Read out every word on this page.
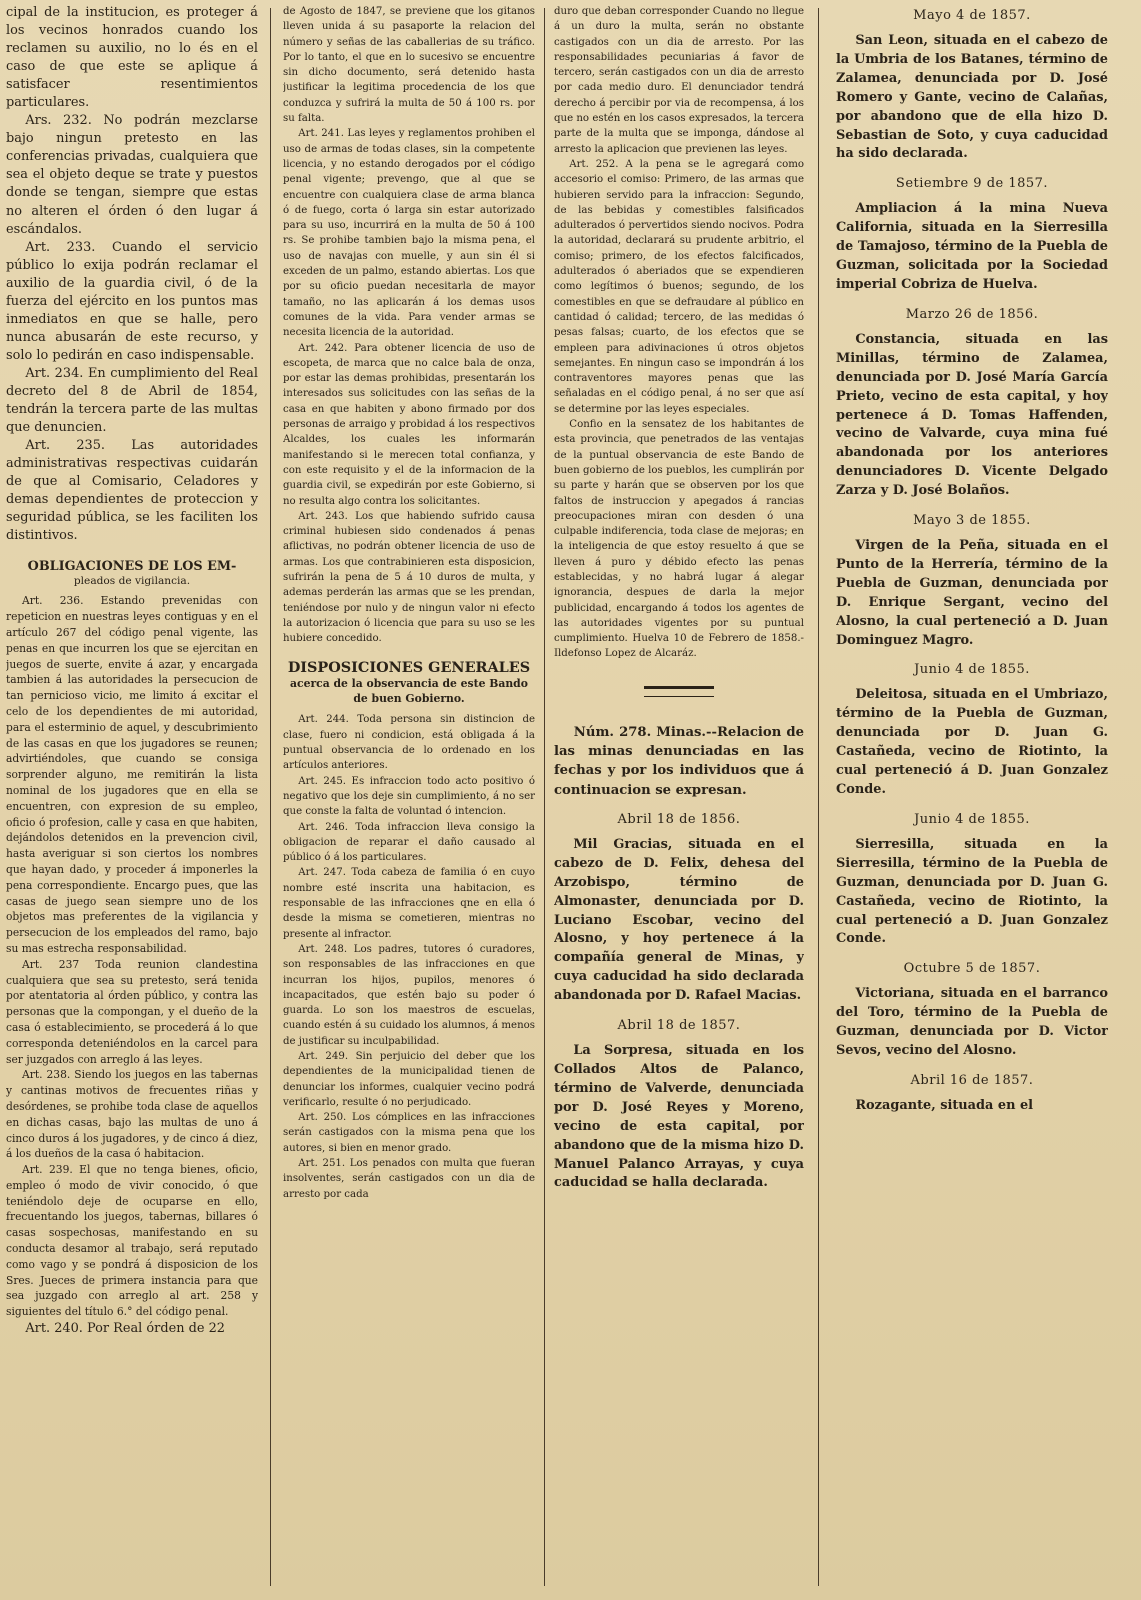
cipal de la institucion, es proteger á los vecinos honrados cuando los reclamen su auxilio, no lo és en el caso de que este se aplique á satisfacer resentimientos particulares.

Ars. 232. No podrán mezclarse bajo ningun pretesto en las conferencias privadas, cualquiera que sea el objeto deque se trate y puestos donde se tengan, siempre que estas no alteren el órden ó den lugar á escándalos.

Art. 233. Cuando el servicio público lo exija podrán reclamar el auxilio de la guardia civil, ó de la fuerza del ejército en los puntos mas inmediatos en que se halle, pero nunca abusarán de este recurso, y solo lo pedirán en caso indispensable.

Art. 234. En cumplimiento del Real decreto del 8 de Abril de 1854, tendrán la tercera parte de las multas que denuncien.

Art. 235. Las autoridades administrativas respectivas cuidarán de que al Comisario, Celadores y demas dependientes de proteccion y seguridad pública, se les faciliten los distintivos.

OBLIGACIONES DE LOS EM-
pleados de vigilancia.

Art. 236. Estando prevenidas con repeticion en nuestras leyes contiguas y en el artículo 267 del código penal vigente, las penas en que incurren los que se ejercitan en juegos de suerte, envite á azar, y encargada tambien á las autoridades la persecucion de tan pernicioso vicio, me limito á excitar el celo de los dependientes de mi autoridad, para el esterminio de aquel, y descubrimiento de las casas en que los jugadores se reunen; advirtiéndoles, que cuando se consiga sorprender alguno, me remitirán la lista nominal de los jugadores que en ella se encuentren, con expresion de su empleo, oficio ó profesion, calle y casa en que habiten, dejándolos detenidos en la prevencion civil, hasta averiguar si son ciertos los nombres que hayan dado, y proceder á imponerles la pena correspondiente. Encargo pues, que las casas de juego sean siempre uno de los objetos mas preferentes de la vigilancia y persecucion de los empleados del ramo, bajo su mas estrecha responsabilidad.

Art. 237 Toda reunion clandestina cualquiera que sea su pretesto, será tenida por atentatoria al órden público, y contra las personas que la compongan, y el dueño de la casa ó establecimiento, se procederá á lo que corresponda deteniéndolos en la carcel para ser juzgados con arreglo á las leyes.

Art. 238. Siendo los juegos en las tabernas y cantinas motivos de frecuentes riñas y desórdenes, se prohibe toda clase de aquellos en dichas casas, bajo las multas de uno á cinco duros á los jugadores, y de cinco á diez, á los dueños de la casa ó habitacion.

Art. 239. El que no tenga bienes, oficio, empleo ó modo de vivir conocido, ó que teniéndolo deje de ocuparse en ello, frecuentando los juegos, tabernas, billares ó casas sospechosas, manifestando en su conducta desamor al trabajo, será reputado como vago y se pondrá á disposicion de los Sres. Jueces de primera instancia para que sea juzgado con arreglo al art. 258 y siguientes del título 6.° del código penal.

Art. 240. Por Real órden de 22

de Agosto de 1847, se previene que los gitanos lleven unida á su pasaporte la relacion del número y señas de las caballerias de su tráfico. Por lo tanto, el que en lo sucesivo se encuentre sin dicho documento, será detenido hasta justificar la legitima procedencia de los que conduzca y sufrirá la multa de 50 á 100 rs. por su falta.

Art. 241. Las leyes y reglamentos prohiben el uso de armas de todas clases, sin la competente licencia, y no estando derogados por el código penal vigente; prevengo, que al que se encuentre con cualquiera clase de arma blanca ó de fuego, corta ó larga sin estar autorizado para su uso, incurrirá en la multa de 50 á 100 rs. Se prohibe tambien bajo la misma pena, el uso de navajas con muelle, y aun sin él si exceden de un palmo, estando abiertas. Los que por su oficio puedan necesitarla de mayor tamaño, no las aplicarán á los demas usos comunes de la vida. Para vender armas se necesita licencia de la autoridad.

Art. 242. Para obtener licencia de uso de escopeta, de marca que no calce bala de onza, por estar las demas prohibidas, presentarán los interesados sus solicitudes con las señas de la casa en que habiten y abono firmado por dos personas de arraigo y probidad á los respectivos Alcaldes, los cuales les informarán manifestando si le merecen total confianza, y con este requisito y el de la informacion de la guardia civil, se expedirán por este Gobierno, si no resulta algo contra los solicitantes.

Art. 243. Los que habiendo sufrido causa criminal hubiesen sido condenados á penas aflictivas, no podrán obtener licencia de uso de armas. Los que contrabinieren esta disposicion, sufrirán la pena de 5 á 10 duros de multa, y ademas perderán las armas que se les prendan, teniéndose por nulo y de ningun valor ni efecto la autorizacion ó licencia que para su uso se les hubiere concedido.

DISPOSICIONES GENERALES
acerca de la observancia de este Bando de buen Gobierno.

Art. 244. Toda persona sin distincion de clase, fuero ni condicion, está obligada á la puntual observancia de lo ordenado en los artículos anteriores.

Art. 245. Es infraccion todo acto positivo ó negativo que los deje sin cumplimiento, á no ser que conste la falta de voluntad ó intencion.

Art. 246. Toda infraccion lleva consigo la obligacion de reparar el daño causado al público ó á los particulares.

Art. 247. Toda cabeza de familia ó en cuyo nombre esté inscrita una habitacion, es responsable de las infracciones qne en ella ó desde la misma se cometieren, mientras no presente al infractor.

Art. 248. Los padres, tutores ó curadores, son responsables de las infracciones en que incurran los hijos, pupilos, menores ó incapacitados, que estén bajo su poder ó guarda. Lo son los maestros de escuelas, cuando estén á su cuidado los alumnos, á menos de justificar su inculpabilidad.

Art. 249. Sin perjuicio del deber que los dependientes de la municipalidad tienen de denunciar los informes, cualquier vecino podrá verificarlo, resulte ó no perjudicado.

Art. 250. Los cómplices en las infracciones serán castigados con la misma pena que los autores, si bien en menor grado.

Art. 251. Los penados con multa que fueran insolventes, serán castigados con un dia de arresto por cada

duro que deban corresponder Cuando no llegue á un duro la multa, serán no obstante castigados con un dia de arresto. Por las responsabilidades pecuniarias á favor de tercero, serán castigados con un dia de arresto por cada medio duro. El denunciador tendrá derecho á percibir por via de recompensa, á los que no estén en los casos expresados, la tercera parte de la multa que se imponga, dándose al arresto la aplicacion que previenen las leyes.

Art. 252. A la pena se le agregará como accesorio el comiso: Primero, de las armas que hubieren servido para la infraccion: Segundo, de las bebidas y comestibles falsificados adulterados ó pervertidos siendo nocivos. Podra la autoridad, declarará su prudente arbitrio, el comiso; primero, de los efectos falcificados, adulterados ó aberiados que se expendieren como legítimos ó buenos; segundo, de los comestibles en que se defraudare al público en cantidad ó calidad; tercero, de las medidas ó pesas falsas; cuarto, de los efectos que se empleen para adivinaciones ú otros objetos semejantes. En ningun caso se impondrán á los contraventores mayores penas que las señaladas en el código penal, á no ser que así se determine por las leyes especiales.

Confio en la sensatez de los habitantes de esta provincia, que penetrados de las ventajas de la puntual observancia de este Bando de buen gobierno de los pueblos, les cumplirán por su parte y harán que se observen por los que faltos de instruccion y apegados á rancias preocupaciones miran con desden ó una culpable indiferencia, toda clase de mejoras; en la inteligencia de que estoy resuelto á que se lleven á puro y débido efecto las penas establecidas, y no habrá lugar á alegar ignorancia, despues de darla la mejor publicidad, encargando á todos los agentes de las autoridades vigentes por su puntual cumplimiento. Huelva 10 de Febrero de 1858.-Ildefonso Lopez de Alcaráz.

Núm. 278. Minas.--Relacion de las minas denunciadas en las fechas y por los individuos que á continuacion se expresan.

Abril 18 de 1856.

Mil Gracias, situada en el cabezo de D. Felix, dehesa del Arzobispo, término de Almonaster, denunciada por D. Luciano Escobar, vecino del Alosno, y hoy pertenece á la compañía general de Minas, y cuya caducidad ha sido declarada abandonada por D. Rafael Macias.

Abril 18 de 1857.

La Sorpresa, situada en los Collados Altos de Palanco, término de Valverde, denunciada por D. José Reyes y Moreno, vecino de esta capital, por abandono que de la misma hizo D. Manuel Palanco Arrayas, y cuya caducidad se halla declarada.

Mayo 4 de 1857.

San Leon, situada en el cabezo de la Umbria de los Batanes, término de Zalamea, denunciada por D. José Romero y Gante, vecino de Calañas, por abandono que de ella hizo D. Sebastian de Soto, y cuya caducidad ha sido declarada.

Setiembre 9 de 1857.

Ampliacion á la mina Nueva California, situada en la Sierresilla de Tamajoso, término de la Puebla de Guzman, solicitada por la Sociedad imperial Cobriza de Huelva.

Marzo 26 de 1856.

Constancia, situada en las Minillas, término de Zalamea, denunciada por D. José María García Prieto, vecino de esta capital, y hoy pertenece á D. Tomas Haffenden, vecino de Valvarde, cuya mina fué abandonada por los anteriores denunciadores D. Vicente Delgado Zarza y D. José Bolaños.

Mayo 3 de 1855.

Virgen de la Peña, situada en el Punto de la Herrería, término de la Puebla de Guzman, denunciada por D. Enrique Sergant, vecino del Alosno, la cual perteneció a D. Juan Dominguez Magro.

Junio 4 de 1855.

Deleitosa, situada en el Umbriazo, término de la Puebla de Guzman, denunciada por D. Juan G. Castañeda, vecino de Riotinto, la cual perteneció á D. Juan Gonzalez Conde.

Junio 4 de 1855.

Sierresilla, situada en la Sierresilla, término de la Puebla de Guzman, denunciada por D. Juan G. Castañeda, vecino de Riotinto, la cual perteneció a D. Juan Gonzalez Conde.

Octubre 5 de 1857.

Victoriana, situada en el barranco del Toro, término de la Puebla de Guzman, denunciada por D. Victor Sevos, vecino del Alosno.

Abril 16 de 1857.

Rozagante, situada en el
